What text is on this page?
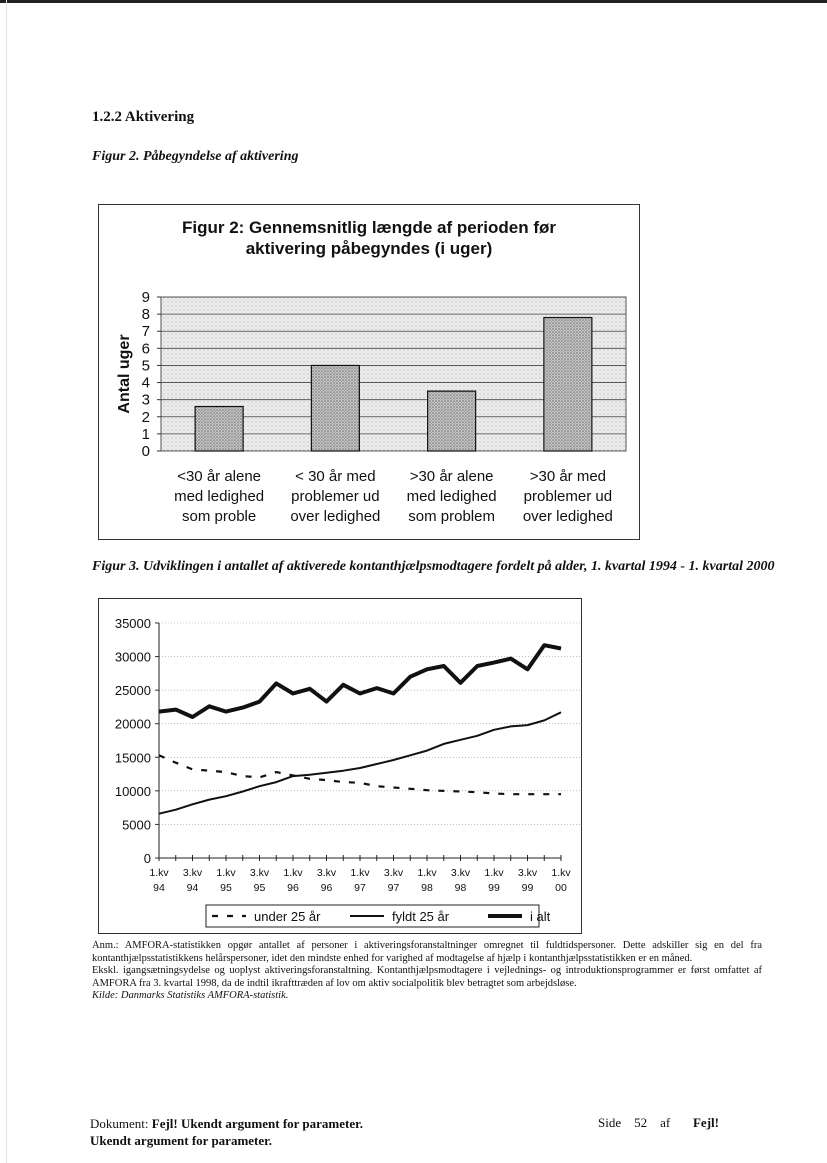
1.2.2 Aktivering
Figur 2. Påbegyndelse af aktivering
Figur 2: Gennemsnitlig længde af perioden før
aktivering påbegyndes (i uger)
0
1
2
3
4
5
6
7
8
9
Antal uger
<30 år alene
med ledighed
som proble
< 30 år med
problemer ud
over ledighed
>30 år alene
med ledighed
som problem
>30 år med
problemer ud
over ledighed
Figur 3. Udviklingen i antallet af aktiverede kontanthjælpsmodtagere fordelt på alder, 1. kvartal 1994 - 1. kvartal 2000
0
5000
10000
15000
20000
25000
30000
35000
1.kv
94
3.kv
94
1.kv
95
3.kv
95
1.kv
96
3.kv
96
1.kv
97
3.kv
97
1.kv
98
3.kv
98
1.kv
99
3.kv
99
1.kv
00
under 25 år	fyldt 25 år	i alt

Anm.: AMFORA-statistikken opgør antallet af personer i aktiveringsforanstaltninger omregnet til fuldtidspersoner. Dette adskiller sig en del fra kontanthjælpsstatistikkens helårspersoner, idet den mindste enhed for varighed af modtagelse af hjælp i kontanthjælpsstatistikken er en måned.

Ekskl. igangsætningsydelse og uoplyst aktiveringsforanstaltning. Kontanthjælpsmodtagere i vejlednings- og introduktionsprogrammer er først omfattet af AMFORA fra 3. kvartal 1998, da de indtil ikrafttræden af lov om aktiv socialpolitik blev betragtet som arbejdsløse.

Kilde: Danmarks Statistiks AMFORA-statistik.

Dokument: Fejl! Ukendt argument for parameter.
Ukendt argument for parameter.
Side 52 af Fejl!
